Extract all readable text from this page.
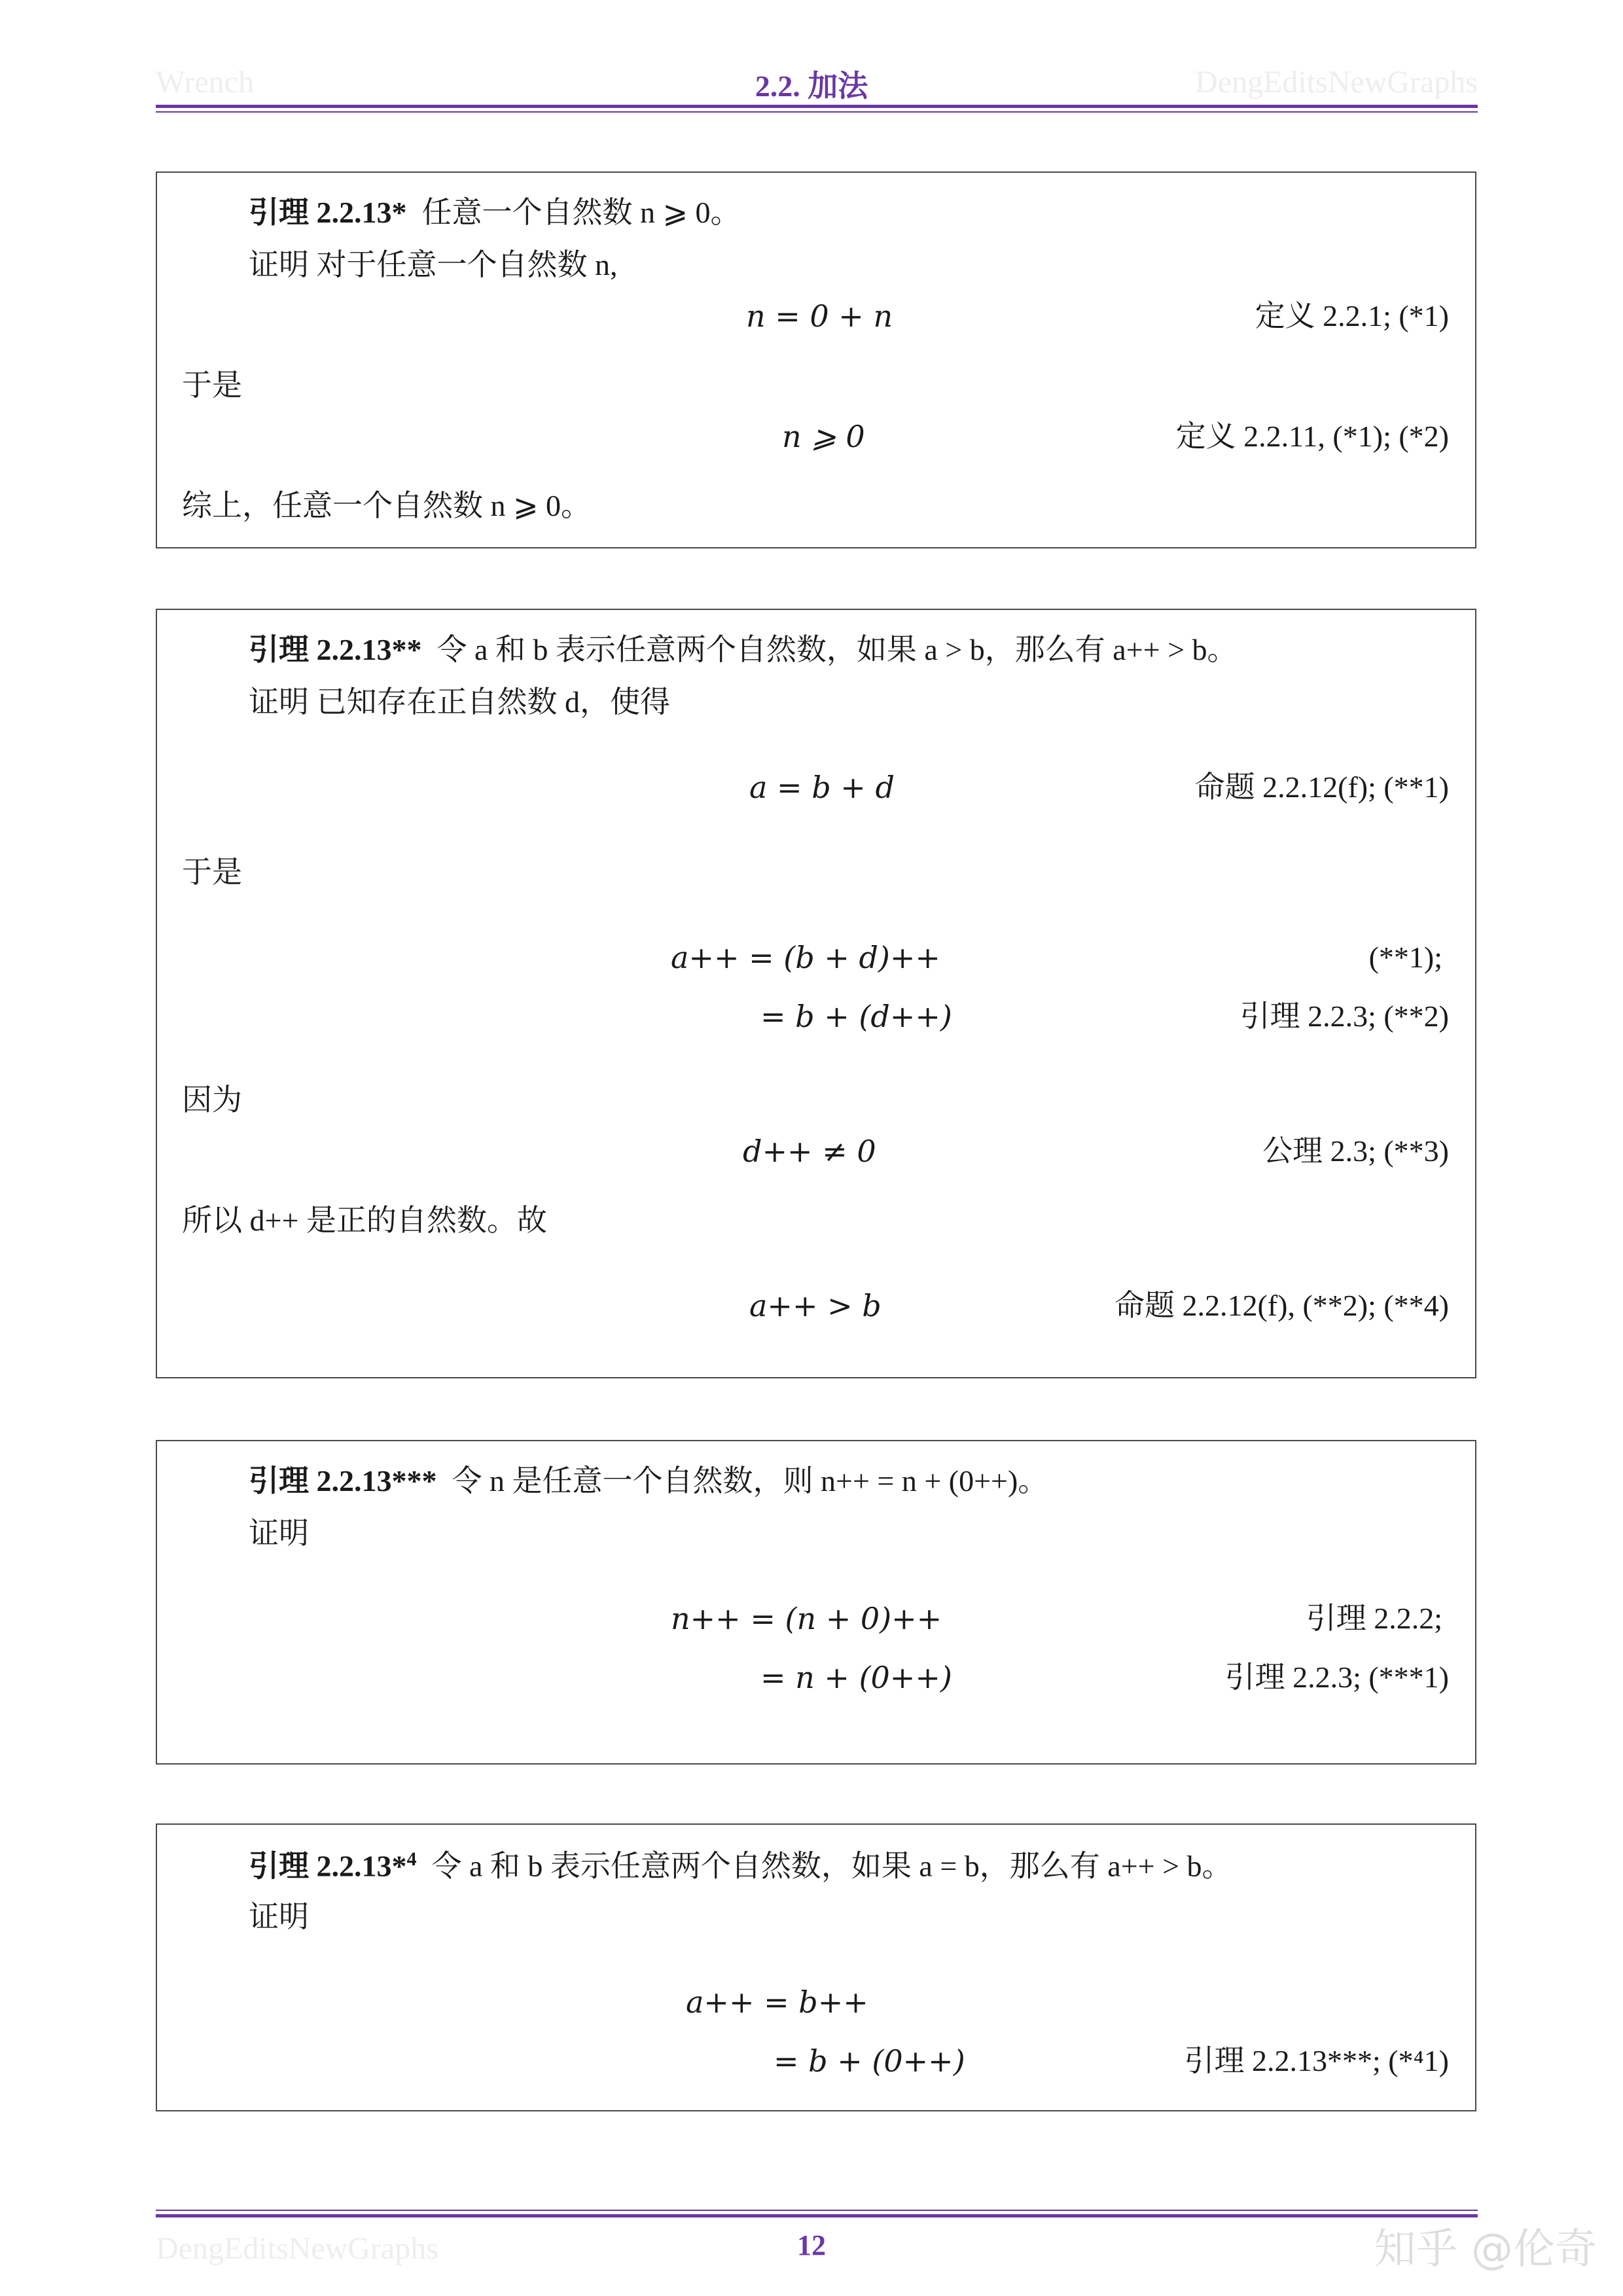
Wrench	2.2. 加法	DengEditsNewGraphs
引理 2.2.13* 任意一个自然数 n ⩾ 0。
证明 对于任意一个自然数 n,
n = 0 + n	定义 2.2.1; (*1)
于是
n ⩾ 0	定义 2.2.11, (*1); (*2)
综上，任意一个自然数 n ⩾ 0。
引理 2.2.13** 令 a 和 b 表示任意两个自然数，如果 a > b，那么有 a++ > b。
证明 已知存在正自然数 d，使得
a = b + d	命题 2.2.12(f); (**1)
于是
a++ = (b + d)++	(**1);
= b + (d++)	引理 2.2.3; (**2)
因为
d++ ≠ 0	公理 2.3; (**3)
所以 d++ 是正的自然数。故
a++ > b	命题 2.2.12(f), (**2); (**4)
引理 2.2.13*** 令 n 是任意一个自然数，则 n++ = n + (0++)。
证明
n++ = (n + 0)++	引理 2.2.2;
= n + (0++)	引理 2.2.3; (***1)
引理 2.2.13*$^4$ 令 a 和 b 表示任意两个自然数，如果 a = b，那么有 a++ > b。
证明
a++ = b++
= b + (0++)	引理 2.2.13***; (*⁴1)
DengEditsNewGraphs	12	知乎 @伦奇
